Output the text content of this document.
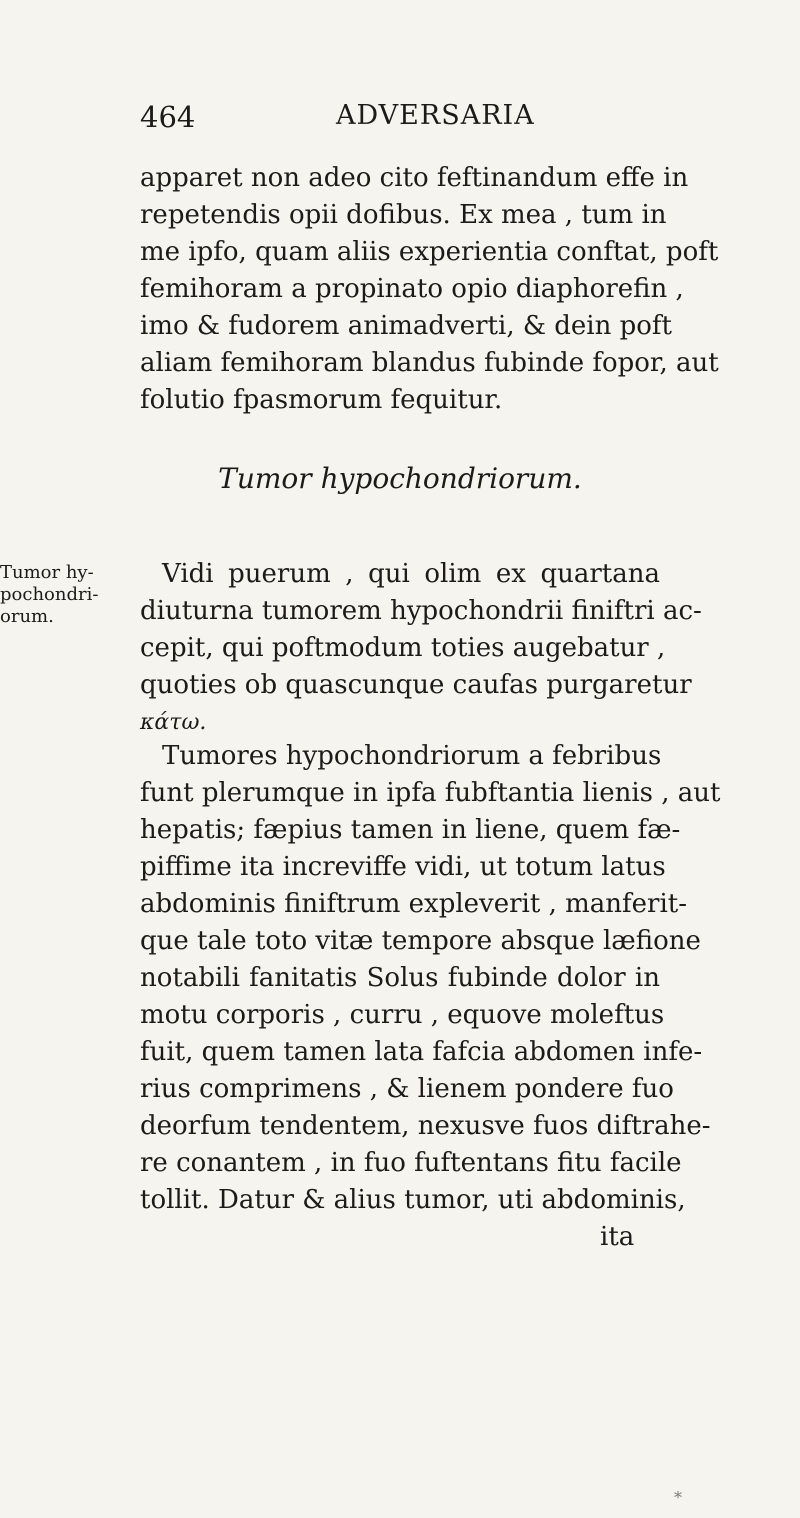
464	ADVERSARIA
apparet non adeo cito feftinandum effe in
repetendis opii dofibus. Ex mea , tum in
me ipfo, quam aliis experientia conftat, poft
femihoram a propinato opio diaphorefin ,
imo & fudorem animadverti, & dein poft
aliam femihoram blandus fubinde fopor, aut
folutio fpasmorum fequitur.
Tumor hypochondriorum.
Tumor hy-
pochondri-
orum.
Vidi puerum , qui olim ex quartana
diuturna tumorem hypochondrii finiftri ac-
cepit, qui poftmodum toties augebatur ,
quoties ob quascunque caufas purgaretur
κάτω.
Tumores hypochondriorum a febribus
funt plerumque in ipfa fubftantia lienis , aut
hepatis; fæpius tamen in liene, quem fæ-
piffime ita increviffe vidi, ut totum latus
abdominis finiftrum expleverit , manferit-
que tale toto vitæ tempore absque læfione
notabili fanitatis Solus fubinde dolor in
motu corporis , curru , equove moleftus
fuit, quem tamen lata fafcia abdomen infe-
rius comprimens , & lienem pondere fuo
deorfum tendentem, nexusve fuos diftrahe-
re conantem , in fuo fuftentans fitu facile
tollit. Datur & alius tumor, uti abdominis,
ita
*
